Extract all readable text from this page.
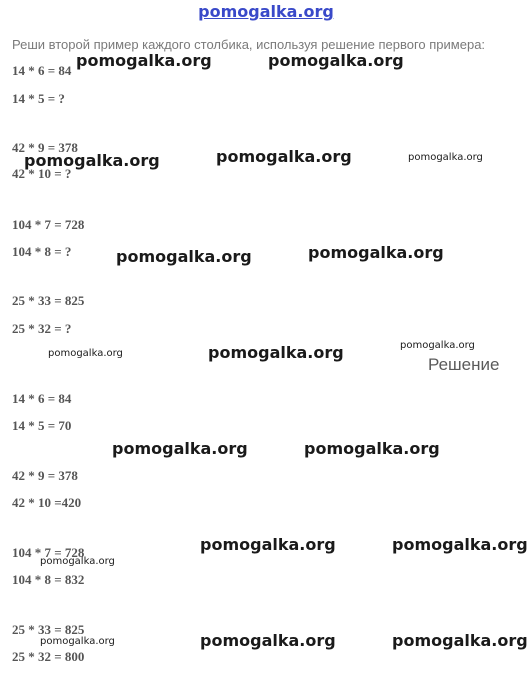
pomogalka.org
Реши второй пример каждого столбика, используя решение первого примера:
14 * 6 = 84
14 * 5 = ?
42 * 9 = 378
42 * 10 = ?
104 * 7 = 728
104 * 8 = ?
25 * 33 = 825
25 * 32 = ?
Решение
14 * 6 = 84
14 * 5 = 70
42 * 9 = 378
42 * 10 =420
104 * 7 = 728
104 * 8 = 832
25 * 33 = 825
25 * 32 = 800
pomogalka.org	pomogalka.org
pomogalka.org	pomogalka.org	pomogalka.org
pomogalka.org	pomogalka.org
pomogalka.org	pomogalka.org	pomogalka.org
pomogalka.org	pomogalka.org
pomogalka.org	pomogalka.org
pomogalka.org
pomogalka.org	pomogalka.org
pomogalka.org
